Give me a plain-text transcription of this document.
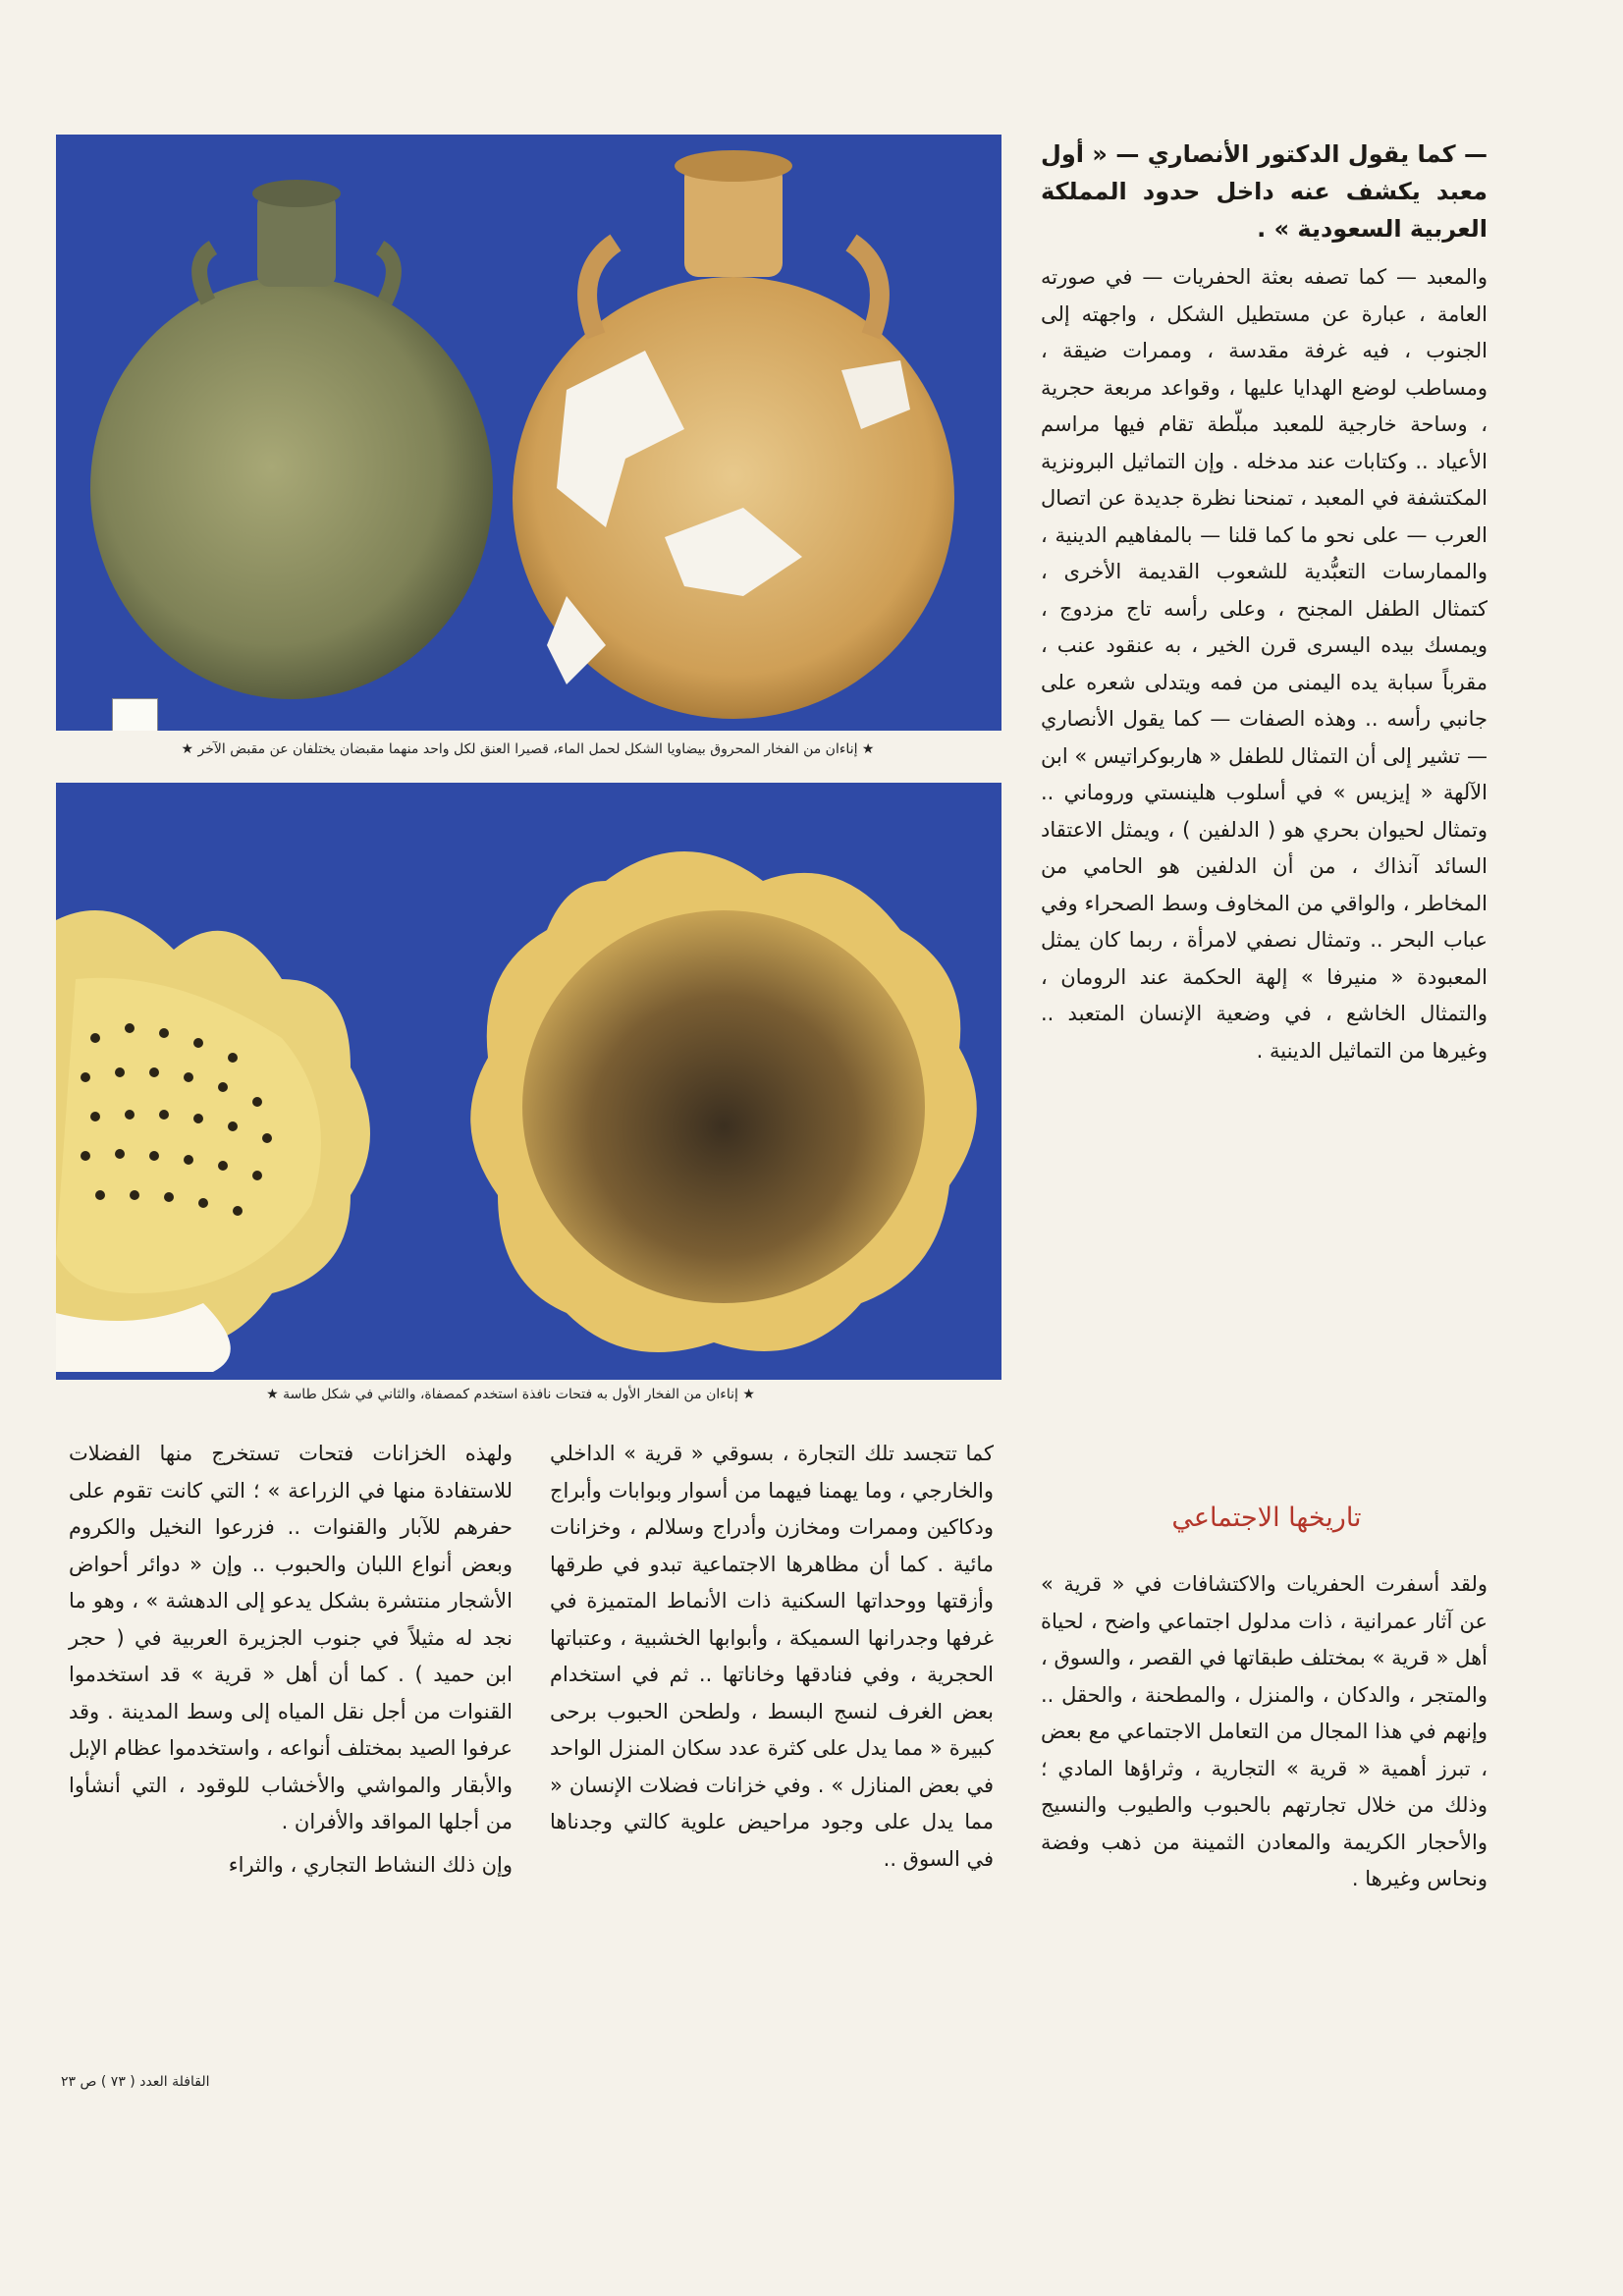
★ إناءان من الفخار المحروق بيضاويا الشكل لحمل الماء، قصيرا العنق لكل واحد منهما مقبضان يختلفان عن مقبض الآخر ★
★ إناءان من الفخار الأول به فتحات نافذة استخدم كمصفاة، والثاني في شكل طاسة ★

— كما يقول الدكتور الأنصاري — « أول معبد يكشف عنه داخل حدود المملكة العربية السعودية » .

والمعبد — كما تصفه بعثة الحفريات — في صورته العامة ، عبارة عن مستطيل الشكل ، واجهته إلى الجنوب ، فيه غرفة مقدسة ، وممرات ضيقة ، ومساطب لوضع الهدايا عليها ، وقواعد مربعة حجرية ، وساحة خارجية للمعبد مبلّطة تقام فيها مراسم الأعياد .. وكتابات عند مدخله . وإن التماثيل البرونزية المكتشفة في المعبد ، تمنحنا نظرة جديدة عن اتصال العرب — على نحو ما كما قلنا — بالمفاهيم الدينية ، والممارسات التعبُّدية للشعوب القديمة الأخرى ، كتمثال الطفل المجنح ، وعلى رأسه تاج مزدوج ، ويمسك بيده اليسرى قرن الخير ، به عنقود عنب ، مقرباً سبابة يده اليمنى من فمه ويتدلى شعره على جانبي رأسه .. وهذه الصفات — كما يقول الأنصاري — تشير إلى أن التمثال للطفل « هاربوكراتيس » ابن الآلهة « إيزيس » في أسلوب هلينستي وروماني .. وتمثال لحيوان بحري هو ( الدلفين ) ، ويمثل الاعتقاد السائد آنذاك ، من أن الدلفين هو الحامي من المخاطر ، والواقي من المخاوف وسط الصحراء وفي عباب البحر .. وتمثال نصفي لامرأة ، ربما كان يمثل المعبودة « منيرفا » إلهة الحكمة عند الرومان ، والتمثال الخاشع ، في وضعية الإنسان المتعبد .. وغيرها من التماثيل الدينية .

تاريخها الاجتماعي

ولقد أسفرت الحفريات والاكتشافات في « قرية » عن آثار عمرانية ، ذات مدلول اجتماعي واضح ، لحياة أهل « قرية » بمختلف طبقاتها في القصر ، والسوق ، والمتجر ، والدكان ، والمنزل ، والمطحنة ، والحقل .. وإنهم في هذا المجال من التعامل الاجتماعي مع بعض ، تبرز أهمية « قرية » التجارية ، وثراؤها المادي ؛ وذلك من خلال تجارتهم بالحبوب والطيوب والنسيج والأحجار الكريمة والمعادن الثمينة من ذهب وفضة ونحاس وغيرها .

كما تتجسد تلك التجارة ، بسوقي « قرية » الداخلي والخارجي ، وما يهمنا فيهما من أسوار وبوابات وأبراج ودكاكين وممرات ومخازن وأدراج وسلالم ، وخزانات مائية . كما أن مظاهرها الاجتماعية تبدو في طرقها وأزقتها ووحداتها السكنية ذات الأنماط المتميزة في غرفها وجدرانها السميكة ، وأبوابها الخشبية ، وعتباتها الحجرية ، وفي فنادقها وخاناتها .. ثم في استخدام بعض الغرف لنسج البسط ، ولطحن الحبوب برحى كبيرة « مما يدل على كثرة عدد سكان المنزل الواحد في بعض المنازل » . وفي خزانات فضلات الإنسان « مما يدل على وجود مراحيض علوية كالتي وجدناها في السوق ..

ولهذه الخزانات فتحات تستخرج منها الفضلات للاستفادة منها في الزراعة » ؛ التي كانت تقوم على حفرهم للآبار والقنوات .. فزرعوا النخيل والكروم وبعض أنواع اللبان والحبوب .. وإن « دوائر أحواض الأشجار منتشرة بشكل يدعو إلى الدهشة » ، وهو ما نجد له مثيلاً في جنوب الجزيرة العربية في ( حجر ابن حميد ) . كما أن أهل « قرية » قد استخدموا القنوات من أجل نقل المياه إلى وسط المدينة . وقد عرفوا الصيد بمختلف أنواعه ، واستخدموا عظام الإبل والأبقار والمواشي والأخشاب للوقود ، التي أنشأوا من أجلها المواقد والأفران .

وإن ذلك النشاط التجاري ، والثراء

القافلة العدد ( ٧٣ ) ص ٢٣
